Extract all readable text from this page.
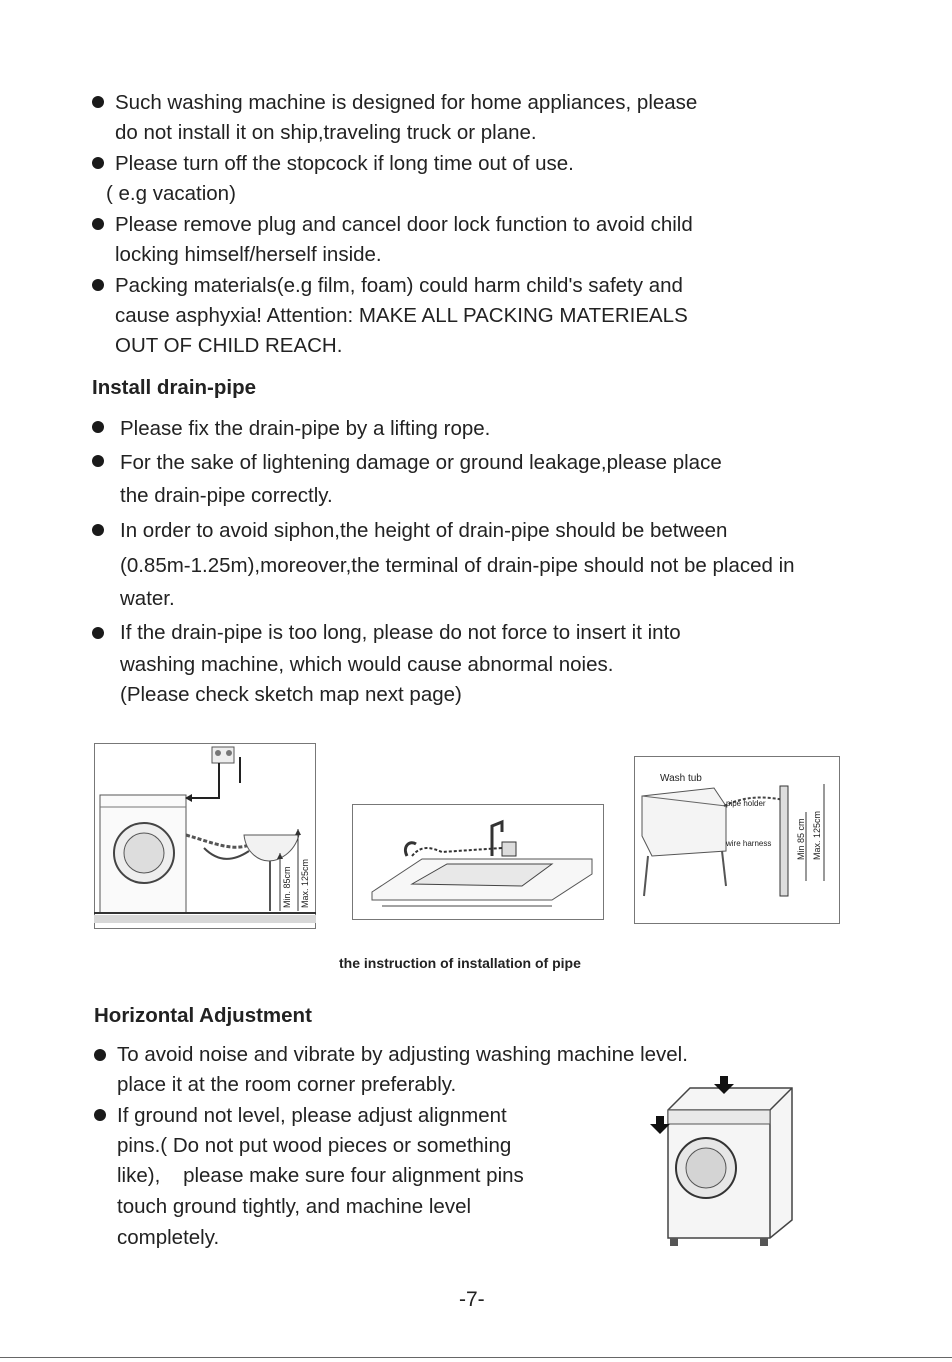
Such washing machine is designed for home appliances, please
do not install it on ship,traveling truck or plane.
Please turn off the stopcock if long time out of use.
( e.g vacation)
Please remove plug and cancel door lock function to avoid child
locking himself/herself inside.
Packing materials(e.g film, foam) could harm child's safety and
cause asphyxia! Attention: MAKE ALL PACKING MATERIEALS
OUT OF CHILD REACH.
Install drain-pipe
Please fix the drain-pipe by a lifting rope.
For the sake of lightening damage or ground leakage,please place
the drain-pipe correctly.
In order to avoid siphon,the height of drain-pipe should be between
(0.85m-1.25m),moreover,the terminal of drain-pipe should not be placed in
water.
If the drain-pipe is too long, please do not force to insert it into
washing machine, which would cause abnormal noies.
(Please check sketch map next page)
Min. 85cm Max. 125cm
Wash tub
pipe holder
wire harness	Min 85 cm Max. 125cm
the instruction of installation of pipe
Horizontal Adjustment
To avoid noise and vibrate by adjusting washing machine level.
place it at the room corner preferably.
If ground not level, please adjust alignment
pins.( Do not put wood pieces or something
like),    please make sure four alignment pins
touch ground tightly, and machine level
completely.
-7-
